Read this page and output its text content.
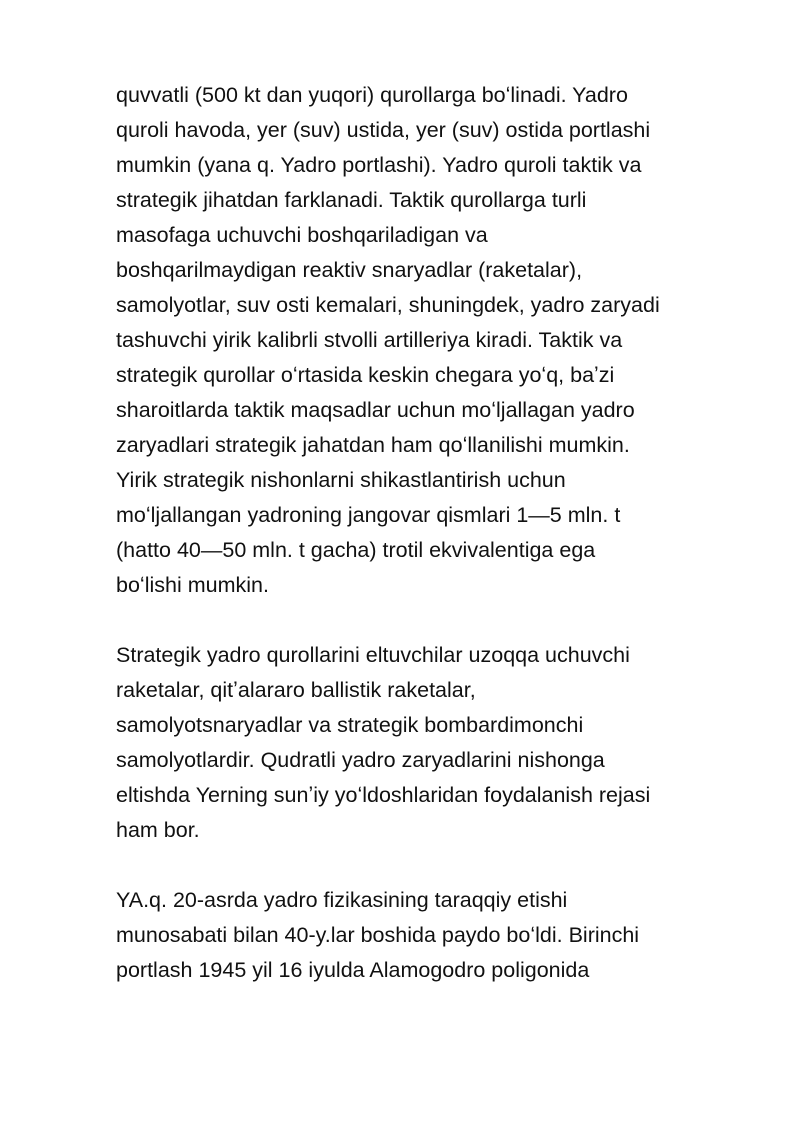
quvvatli (500 kt dan yuqori) qurollarga boʻlinadi. Yadro
quroli havoda, yer (suv) ustida, yer (suv) ostida portlashi
mumkin (yana q. Yadro portlashi). Yadro quroli taktik va
strategik jihatdan farklanadi. Taktik qurollarga turli
masofaga uchuvchi boshqariladigan va
boshqarilmaydigan reaktiv snaryadlar (raketalar),
samolyotlar, suv osti kemalari, shuningdek, yadro zaryadi
tashuvchi yirik kalibrli stvolli artilleriya kiradi. Taktik va
strategik qurollar oʻrtasida keskin chegara yoʻq, baʼzi
sharoitlarda taktik maqsadlar uchun moʻljallagan yadro
zaryadlari strategik jahatdan ham qoʻllanilishi mumkin.
Yirik strategik nishonlarni shikastlantirish uchun
moʻljallangan yadroning jangovar qismlari 1—5 mln. t
(hatto 40—50 mln. t gacha) trotil ekvivalentiga ega
boʻlishi mumkin.

Strategik yadro qurollarini eltuvchilar uzoqqa uchuvchi
raketalar, qitʼalararo ballistik raketalar,
samolyotsnaryadlar va strategik bombardimonchi
samolyotlardir. Qudratli yadro zaryadlarini nishonga
eltishda Yerning sunʼiy yoʻldoshlaridan foydalanish rejasi
ham bor.

YA.q. 20-asrda yadro fizikasining taraqqiy etishi
munosabati bilan 40-y.lar boshida paydo boʻldi. Birinchi
portlash 1945 yil 16 iyulda Alamogodro poligonida
